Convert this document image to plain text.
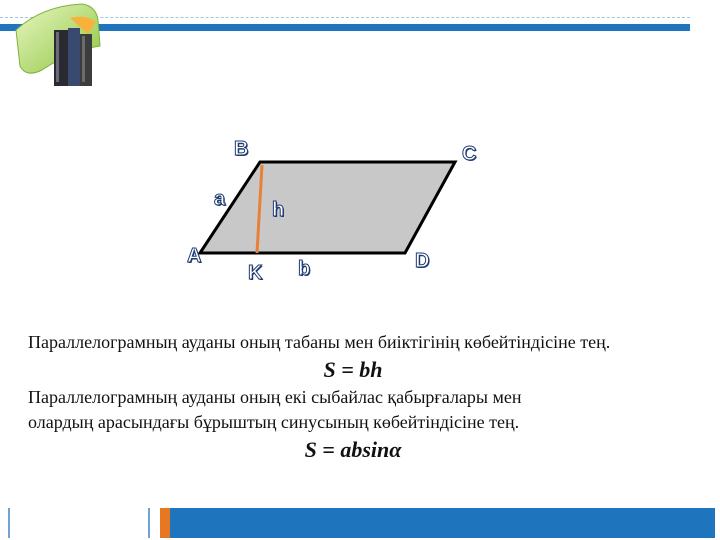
B	C
a h
A
K b	D
Параллелограмның ауданы оның табаны мен биіктігінің көбейтіндісіне тең.
S = bh
Параллелограмның ауданы оның екі сыбайлас қабырғалары мен
олардың арасындағы бұрыштың синусының көбейтіндісіне тең.
S = absinα
